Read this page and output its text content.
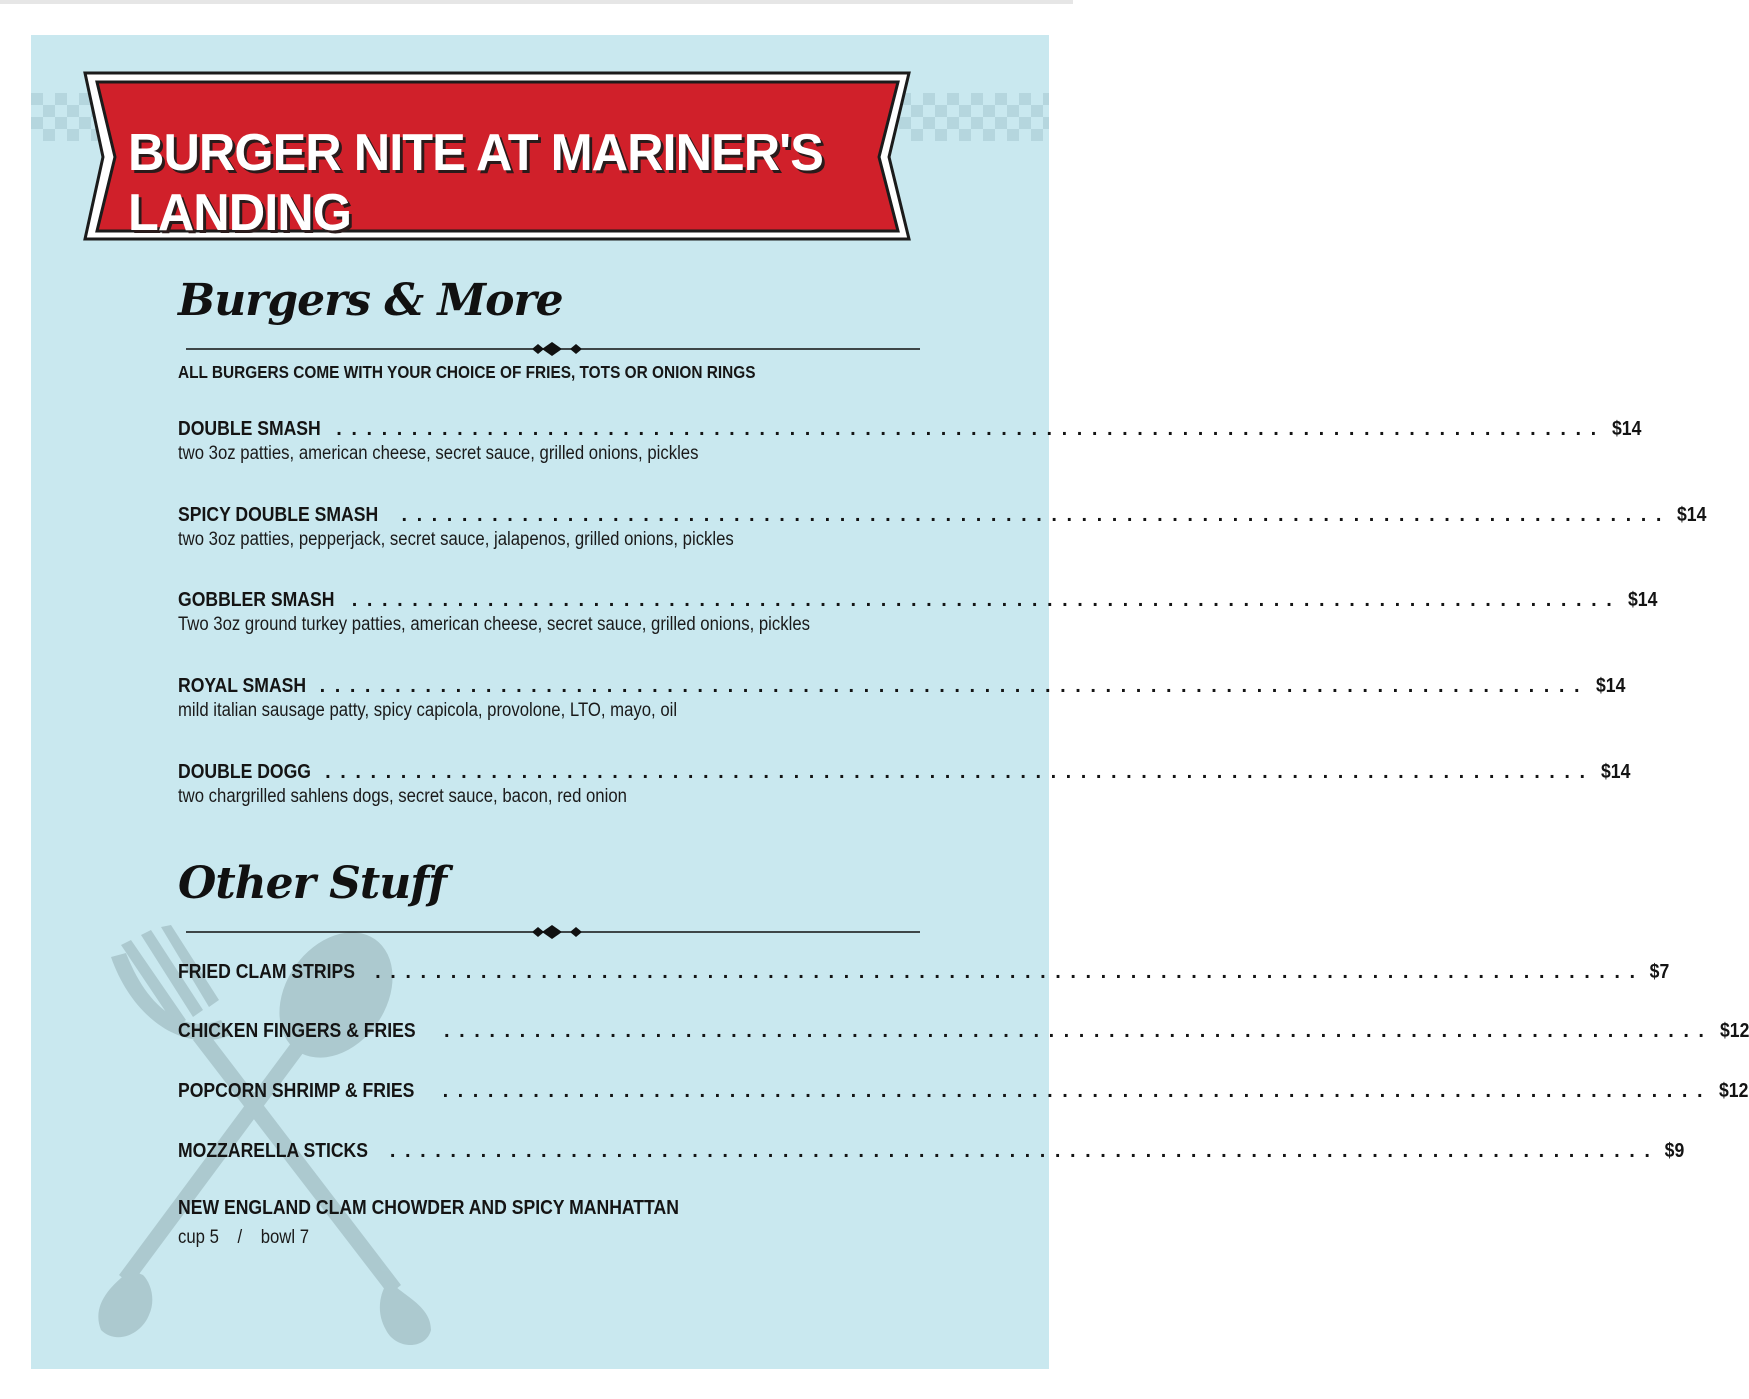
BURGER NITE AT MARINER'S LANDING
Burgers & More

ALL BURGERS COME WITH YOUR CHOICE OF FRIES, TOTS OR ONION RINGS

DOUBLE SMASH . . . . . . . . . . . . . . . . . . . . . . . . . . . . . . . . . . . . . . . . . . . . . . . . . . . . . . . . . . . . . . . . . . . . . . . . . . . . . . . . . . . . $14
two 3oz patties, american cheese, secret sauce, grilled onions, pickles
SPICY DOUBLE SMASH . . . . . . . . . . . . . . . . . . . . . . . . . . . . . . . . . . . . . . . . . . . . . . . . . . . . . . . . . . . . . . . . . . . . . . . . . . . . . . . . . . . . $14
two 3oz patties, pepperjack, secret sauce, jalapenos, grilled onions, pickles
GOBBLER SMASH . . . . . . . . . . . . . . . . . . . . . . . . . . . . . . . . . . . . . . . . . . . . . . . . . . . . . . . . . . . . . . . . . . . . . . . . . . . . . . . . . . . . $14
Two 3oz ground turkey patties, american cheese, secret sauce, grilled onions, pickles
ROYAL SMASH . . . . . . . . . . . . . . . . . . . . . . . . . . . . . . . . . . . . . . . . . . . . . . . . . . . . . . . . . . . . . . . . . . . . . . . . . . . . . . . . . . . . $14
mild italian sausage patty, spicy capicola, provolone, LTO, mayo, oil
DOUBLE DOGG . . . . . . . . . . . . . . . . . . . . . . . . . . . . . . . . . . . . . . . . . . . . . . . . . . . . . . . . . . . . . . . . . . . . . . . . . . . . . . . . . . . . $14
two chargrilled sahlens dogs, secret sauce, bacon, red onion
Other Stuff
FRIED CLAM STRIPS . . . . . . . . . . . . . . . . . . . . . . . . . . . . . . . . . . . . . . . . . . . . . . . . . . . . . . . . . . . . . . . . . . . . . . . . . . . . . . . . . . . . $7
CHICKEN FINGERS & FRIES . . . . . . . . . . . . . . . . . . . . . . . . . . . . . . . . . . . . . . . . . . . . . . . . . . . . . . . . . . . . . . . . . . . . . . . . . . . . . . . . . . . . $12
POPCORN SHRIMP & FRIES . . . . . . . . . . . . . . . . . . . . . . . . . . . . . . . . . . . . . . . . . . . . . . . . . . . . . . . . . . . . . . . . . . . . . . . . . . . . . . . . . . . . $12
MOZZARELLA STICKS . . . . . . . . . . . . . . . . . . . . . . . . . . . . . . . . . . . . . . . . . . . . . . . . . . . . . . . . . . . . . . . . . . . . . . . . . . . . . . . . . . . . $9

NEW ENGLAND CLAM CHOWDER AND SPICY MANHATTAN

cup 5    /    bowl 7
